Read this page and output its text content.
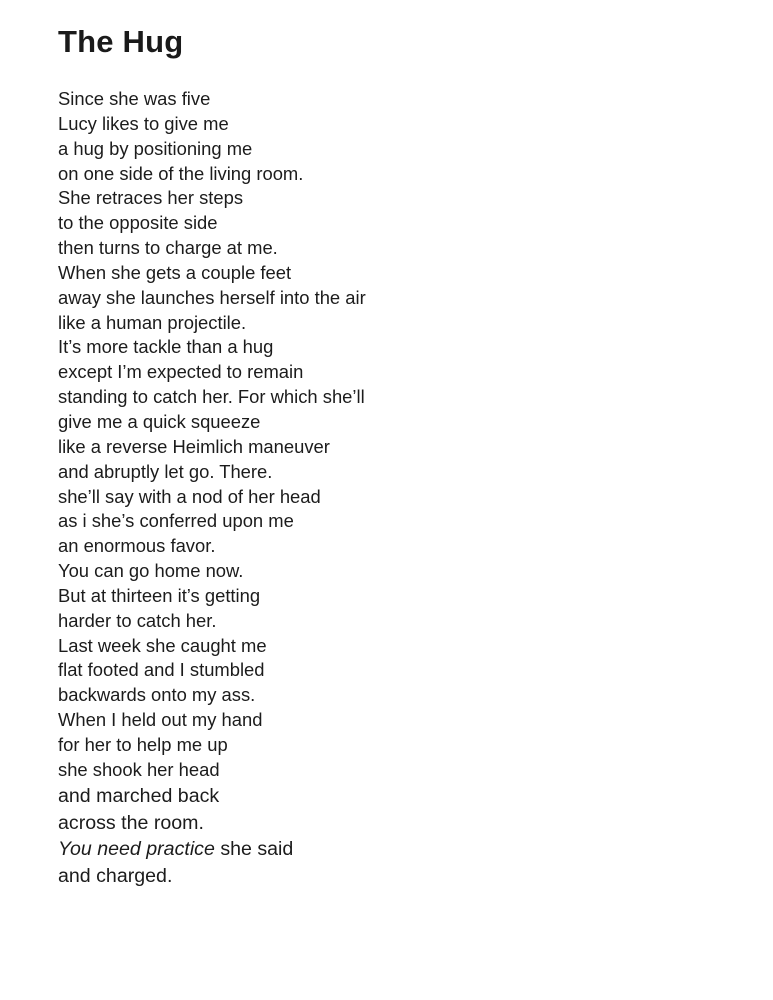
The Hug
Since she was five
Lucy likes to give me
a hug by positioning me
on one side of the living room.
She retraces her steps
to the opposite side
then turns to charge at me.
When she gets a couple feet
away she launches herself into the air
like a human projectile.
It’s more tackle than a hug
except I’m expected to remain
standing to catch her. For which she’ll
give me a quick squeeze
like a reverse Heimlich maneuver
and abruptly let go. There.
she’ll say with a nod of her head
as i she’s conferred upon me
an enormous favor.
You can go home now.
But at thirteen it’s getting
harder to catch her.
Last week she caught me
flat footed and I stumbled
backwards onto my ass.
When I held out my hand
for her to help me up
she shook her head
and marched back
across the room.
You need practice she said
and charged.
